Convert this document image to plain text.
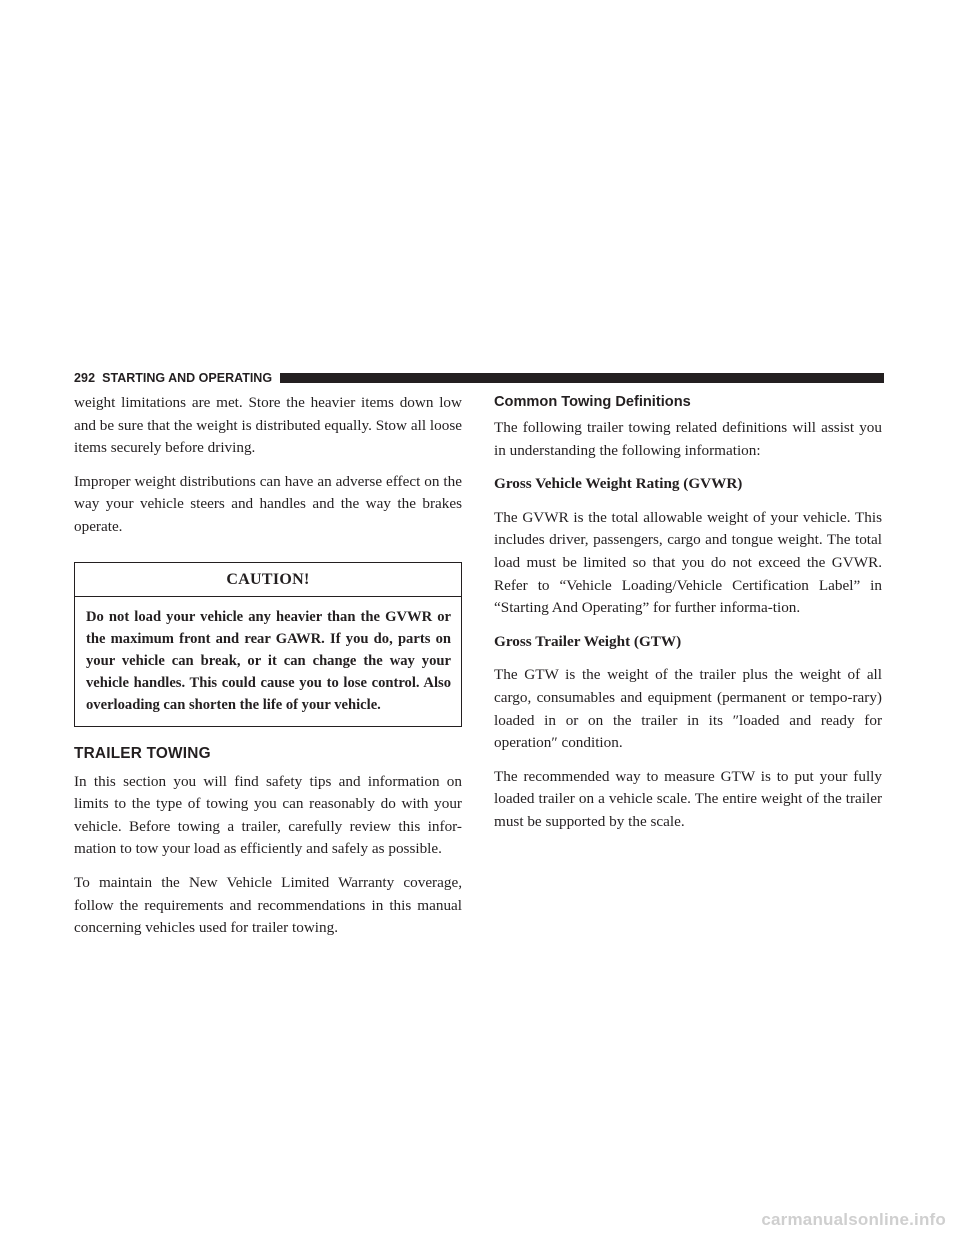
292 STARTING AND OPERATING

weight limitations are met. Store the heavier items down low and be sure that the weight is distributed equally. Stow all loose items securely before driving.

Improper weight distributions can have an adverse effect on the way your vehicle steers and handles and the way the brakes operate.

CAUTION!
Do not load your vehicle any heavier than the GVWR or the maximum front and rear GAWR. If you do, parts on your vehicle can break, or it can change the way your vehicle handles. This could cause you to lose control. Also overloading can shorten the life of your vehicle.
TRAILER TOWING

In this section you will find safety tips and information on limits to the type of towing you can reasonably do with your vehicle. Before towing a trailer, carefully review this infor-mation to tow your load as efficiently and safely as possible.

To maintain the New Vehicle Limited Warranty coverage, follow the requirements and recommendations in this manual concerning vehicles used for trailer towing.

Common Towing Definitions

The following trailer towing related definitions will assist you in understanding the following information:

Gross Vehicle Weight Rating (GVWR)

The GVWR is the total allowable weight of your vehicle. This includes driver, passengers, cargo and tongue weight. The total load must be limited so that you do not exceed the GVWR. Refer to “Vehicle Loading/Vehicle Certification Label” in “Starting And Operating” for further informa-tion.

Gross Trailer Weight (GTW)

The GTW is the weight of the trailer plus the weight of all cargo, consumables and equipment (permanent or tempo-rary) loaded in or on the trailer in its ″loaded and ready for operation″ condition.

The recommended way to measure GTW is to put your fully loaded trailer on a vehicle scale. The entire weight of the trailer must be supported by the scale.

carmanualsonline.info
